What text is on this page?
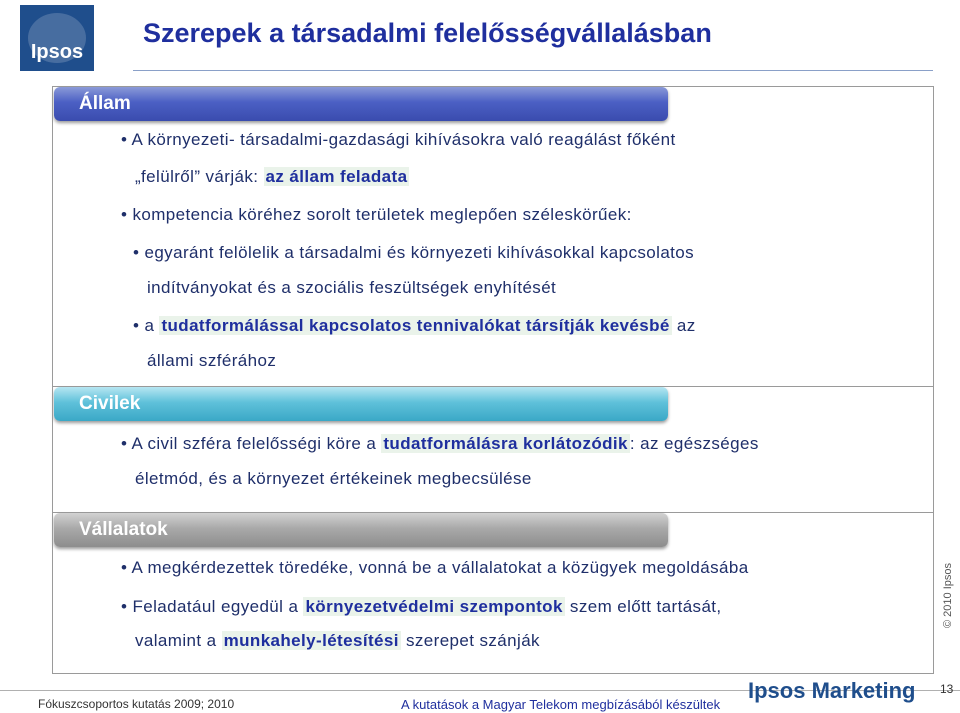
Ipsos
Szerepek a társadalmi felelősségvállalásban
Állam
• A környezeti- társadalmi-gazdasági kihívásokra való reagálást főként
„felülről” várják: az állam feladata
• kompetencia köréhez sorolt területek meglepően széleskörűek:
• egyaránt felölelik a társadalmi és környezeti kihívásokkal kapcsolatos
indítványokat és a szociális feszültségek enyhítését
• a tudatformálással kapcsolatos tennivalókat társítják kevésbé az
állami szférához
Civilek
• A civil szféra felelősségi köre a tudatformálásra korlátozódik : az egészséges
életmód, és a környezet értékeinek megbecsülése
Vállalatok
• A megkérdezettek töredéke, vonná be a vállalatokat a közügyek megoldásába
• Feladatául egyedül a környezetvédelmi szempontok szem előtt tartását,
valamint a munkahely-létesítési szerepet szánják
© 2010 Ipsos
Fókuszcsoportos kutatás 2009; 2010	A kutatások a Magyar Telekom megbízásából készültek
Ipsos Marketing 13
